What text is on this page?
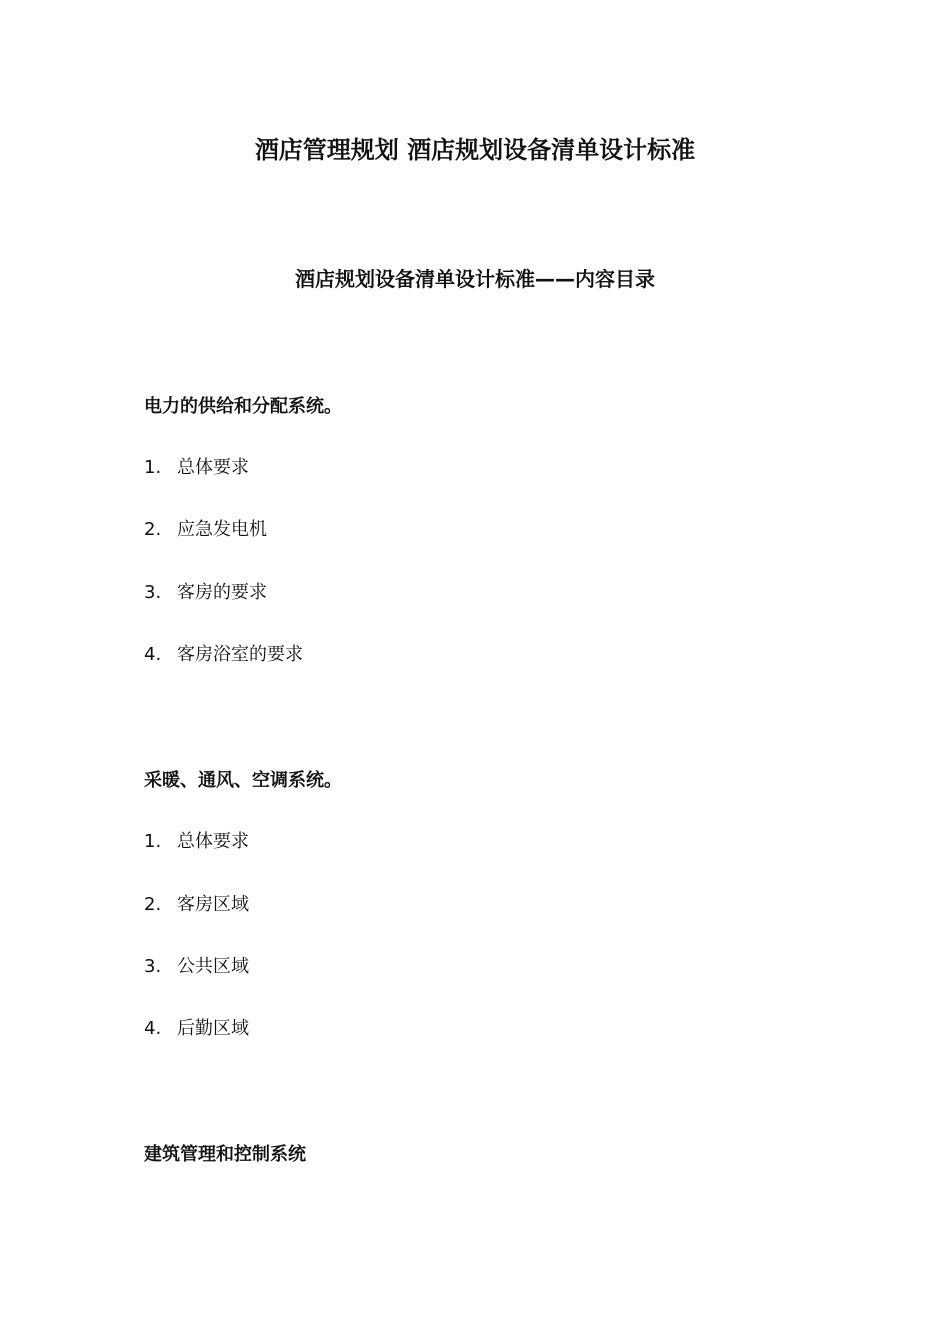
酒店管理规划 酒店规划设备清单设计标准
酒店规划设备清单设计标准——内容目录
电力的供给和分配系统。
1. 总体要求
2. 应急发电机
3. 客房的要求
4. 客房浴室的要求
采暖、通风、空调系统。
1. 总体要求
2. 客房区域
3. 公共区域
4. 后勤区域
建筑管理和控制系统
